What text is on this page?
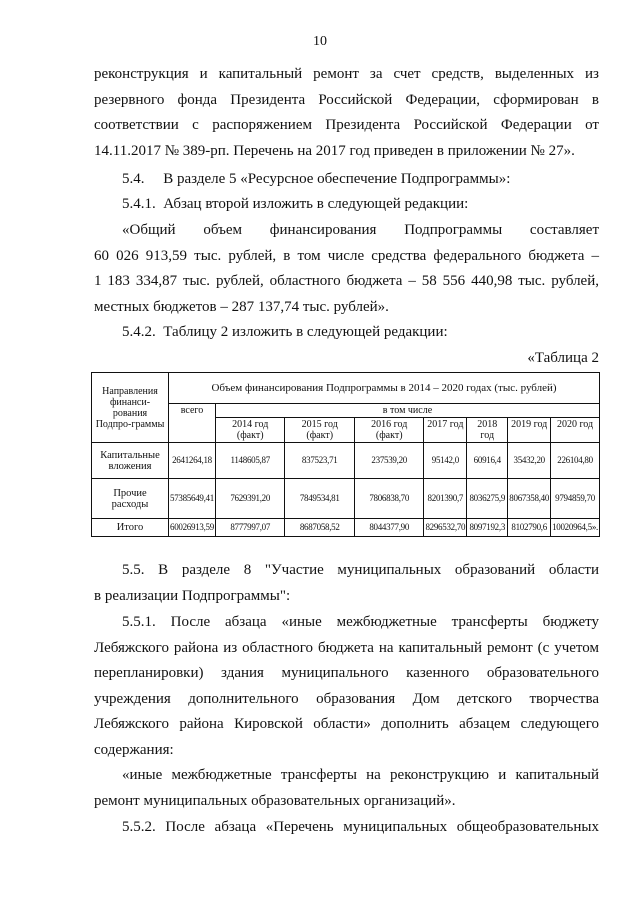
10
реконструкция и капитальный ремонт за счет средств, выделенных из
резервного фонда Президента Российской Федерации, сформирован в
соответствии с распоряжением Президента Российской Федерации от
14.11.2017 № 389-рп. Перечень на 2017 год приведен в приложении № 27».
5.4.     В разделе 5 «Ресурсное обеспечение Подпрограммы»:
5.4.1.  Абзац второй изложить в следующей редакции:
«Общий объем финансирования Подпрограммы составляет
60 026 913,59 тыс. рублей, в том числе средства федерального бюджета –
1 183 334,87 тыс. рублей, областного бюджета – 58 556 440,98 тыс. рублей,
местных бюджетов – 287 137,74 тыс. рублей».
5.4.2.  Таблицу 2 изложить в следующей редакции:
«Таблица 2
Направления финанси-рования Подпро-граммы	Объем финансирования Подпрограммы в 2014 – 2020 годах (тыс. рублей)							
	всего	в том числе						
		2014 год (факт)	2015 год (факт)	2016 год (факт)	2017 год	2018 год	2019 год	2020 год
Капитальные вложения	2641264,18	1148605,87	837523,71	237539,20	95142,0	60916,4	35432,20	226104,80
Прочие расходы	57385649,41	7629391,20	7849534,81	7806838,70	8201390,7	8036275,9	8067358,40	9794859,70
Итого	60026913,59	8777997,07	8687058,52	8044377,90	8296532,70	8097192,3	8102790,6	10020964,5».
5.5. В разделе 8 "Участие муниципальных образований области
в реализации Подпрограммы":
5.5.1. После абзаца «иные межбюджетные трансферты бюджету
Лебяжского района из областного бюджета на капитальный ремонт (с учетом
перепланировки) здания муниципального казенного образовательного
учреждения дополнительного образования Дом детского творчества
Лебяжского района Кировской области» дополнить абзацем следующего
содержания:
«иные межбюджетные трансферты на реконструкцию и капитальный
ремонт муниципальных образовательных организаций».
5.5.2. После абзаца «Перечень муниципальных общеобразовательных
